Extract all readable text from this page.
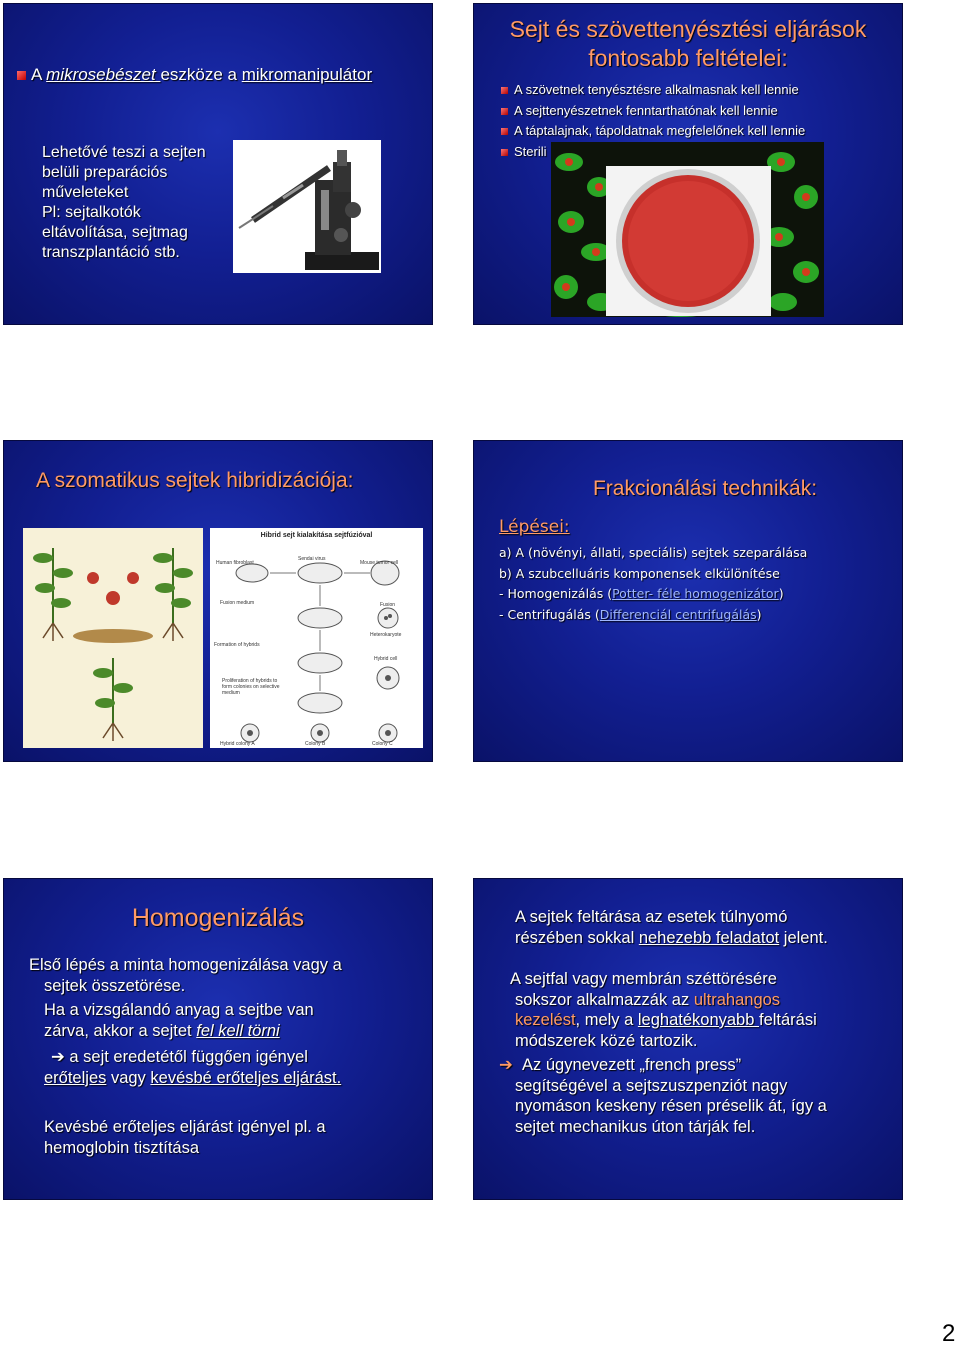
A mikrosebészet eszköze a mikromanipulátor
Lehetővé teszi a sejten
belüli preparációs
műveleteket
Pl: sejtalkotók
eltávolítása, sejtmag
transzplantáció stb.
Sejt és szövettenyésztési eljárások
fontosabb feltételei:
A szövetnek tenyésztésre alkalmasnak kell lennie
A sejttenyészetnek fenntarthatónak kell lennie
A táptalajnak, tápoldatnak megfelelőnek kell lennie
Sterili
A szomatikus sejtek hibridizációja:
Hibrid sejt kialakítása sejtfúzióval
Human fibroblast
Sendai virus
Mouse tumor cell
Fusion medium	Fusion
Formation of hybrids
Heterokaryote
Proliferation of hybrids to form colonies on selective medium
Hybrid cell
Hybrid colony A	Colony B	Colony C
Frakcionálási technikák:
Lépései:
a) A (növényi, állati, speciális) sejtek szeparálása
b) A szubcelluáris komponensek elkülönítése
- Homogenizálás (Potter- féle homogenizátor)
- Centrifugálás (Differenciál centrifugálás)
Homogenizálás
Első lépés a minta homogenizálása vagy a
sejtek összetörése.
Ha a vizsgálandó anyag a sejtbe van
zárva, akkor a sejtet fel kell törni
➔ a sejt eredetétől függően igényel
erőteljes vagy kevésbé erőteljes eljárást.
Kevésbé erőteljes eljárást igényel pl. a
hemoglobin tisztítása
A sejtek feltárása az esetek túlnyomó
részében sokkal nehezebb feladatot jelent.
A sejtfal vagy membrán széttörésére
sokszor alkalmazzák az ultrahangos
kezelést, mely a leghatékonyabb feltárási
módszerek közé tartozik.
➔ Az úgynevezett „french press”
segítségével a sejtszuszpenziót nagy
nyomáson keskeny résen préselik át, így a
sejtet mechanikus úton tárják fel.
2
